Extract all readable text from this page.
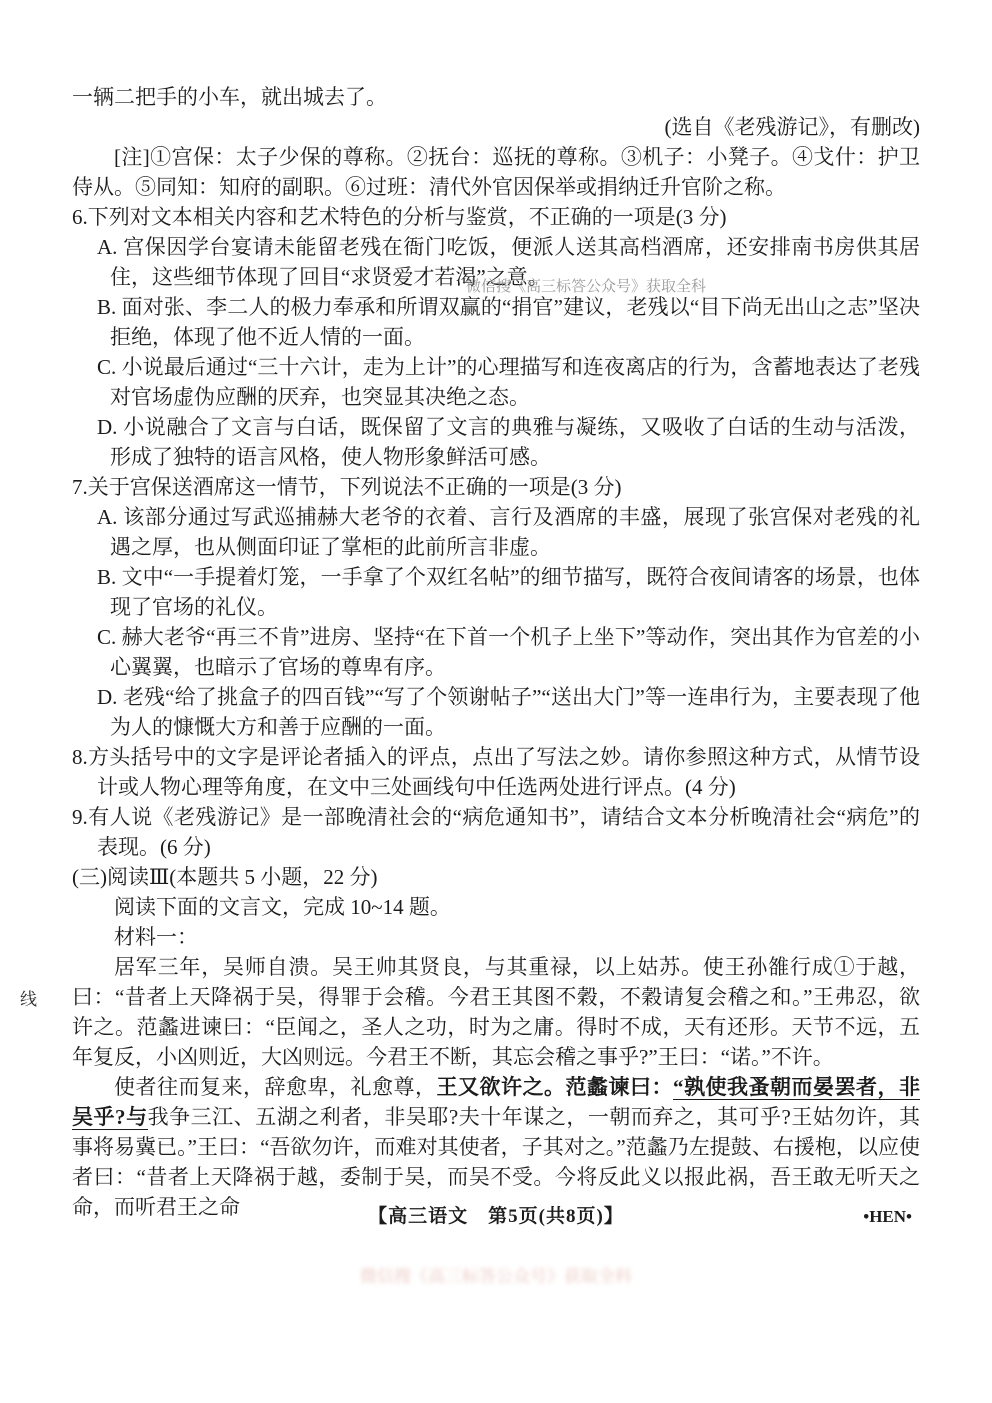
线

一辆二把手的小车，就出城去了。

(选自《老残游记》，有删改)

[注]①宫保：太子少保的尊称。②抚台：巡抚的尊称。③机子：小凳子。④戈什：护卫侍从。⑤同知：知府的副职。⑥过班：清代外官因保举或捐纳迁升官阶之称。

6.下列对文本相关内容和艺术特色的分析与鉴赏，不正确的一项是(3 分)

A. 宫保因学台宴请未能留老残在衙门吃饭，便派人送其高档酒席，还安排南书房供其居住，这些细节体现了回目“求贤爱才若渴”之意。

B. 面对张、李二人的极力奉承和所谓双赢的“捐官”建议，老残以“目下尚无出山之志”坚决拒绝，体现了他不近人情的一面。

C. 小说最后通过“三十六计，走为上计”的心理描写和连夜离店的行为，含蓄地表达了老残对官场虚伪应酬的厌弃，也突显其决绝之态。

D. 小说融合了文言与白话，既保留了文言的典雅与凝练，又吸收了白话的生动与活泼，形成了独特的语言风格，使人物形象鲜活可感。

7.关于宫保送酒席这一情节，下列说法不正确的一项是(3 分)

A. 该部分通过写武巡捕赫大老爷的衣着、言行及酒席的丰盛，展现了张宫保对老残的礼遇之厚，也从侧面印证了掌柜的此前所言非虚。

B. 文中“一手提着灯笼，一手拿了个双红名帖”的细节描写，既符合夜间请客的场景，也体现了官场的礼仪。

C. 赫大老爷“再三不肯”进房、坚持“在下首一个机子上坐下”等动作，突出其作为官差的小心翼翼，也暗示了官场的尊卑有序。

D. 老残“给了挑盒子的四百钱”“写了个领谢帖子”“送出大门”等一连串行为，主要表现了他为人的慷慨大方和善于应酬的一面。

8.方头括号中的文字是评论者插入的评点，点出了写法之妙。请你参照这种方式，从情节设计或人物心理等角度，在文中三处画线句中任选两处进行评点。(4 分)

9.有人说《老残游记》是一部晚清社会的“病危通知书”，请结合文本分析晚清社会“病危”的表现。(6 分)

(三)阅读Ⅲ(本题共 5 小题，22 分)

阅读下面的文言文，完成 10~14 题。

材料一：

居军三年，吴师自溃。吴王帅其贤良，与其重禄，以上姑苏。使王孙雒行成①于越，曰：“昔者上天降祸于吴，得罪于会稽。今君王其图不穀，不穀请复会稽之和。”王弗忍，欲许之。范蠡进谏曰：“臣闻之，圣人之功，时为之庸。得时不成，天有还形。天节不远，五年复反，小凶则近，大凶则远。今君王不断，其忘会稽之事乎?”王曰：“诺。”不许。

使者往而复来，辞愈卑，礼愈尊，王又欲许之。范蠡谏曰：“孰使我蚤朝而晏罢者，非吴乎?与我争三江、五湖之利者，非吴耶?夫十年谋之，一朝而弃之，其可乎?王姑勿许，其事将易冀已。”王曰：“吾欲勿许，而难对其使者，子其对之。”范蠡乃左提鼓、右援枹，以应使者曰：“昔者上天降祸于越，委制于吴，而吴不受。今将反此义以报此祸，吾王敢无听天之命，而听君王之命

微信搜《高三标答公众号》获取全科
微信搜《高三标答公众号》获取全科
【高三语文　第5页(共8页)】	•HEN•
